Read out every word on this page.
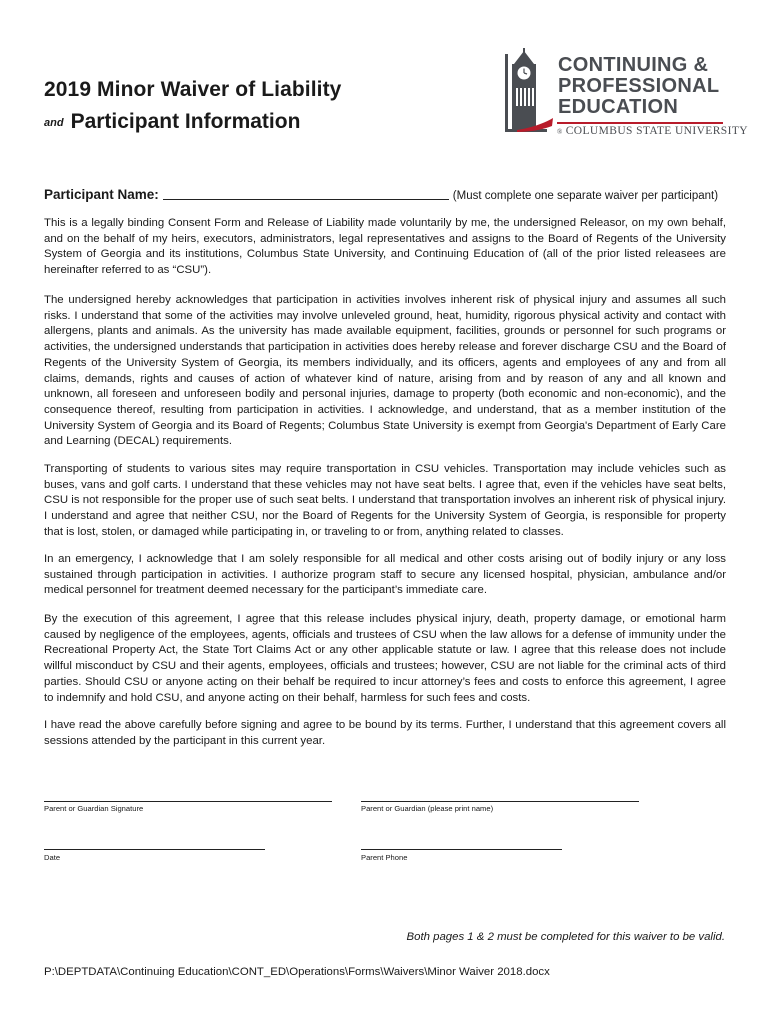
2019 Minor Waiver of Liability
and Participant Information
CONTINUING &
PROFESSIONAL
EDUCATION
® COLUMBUS STATE UNIVERSITY
Participant Name:	(Must complete one separate waiver per participant)

This is a legally binding Consent Form and Release of Liability made voluntarily by me, the undersigned Releasor, on my own behalf, and on the behalf of my heirs, executors, administrators, legal representatives and assigns to the Board of Regents of the University System of Georgia and its institutions, Columbus State University, and Continuing Education of (all of the prior listed releasees are hereinafter referred to as “CSU”).

The undersigned hereby acknowledges that participation in activities involves inherent risk of physical injury and assumes all such risks. I understand that some of the activities may involve unleveled ground, heat, humidity, rigorous physical activity and contact with allergens, plants and animals. As the university has made available equipment, facilities, grounds or personnel for such programs or activities, the undersigned understands that participation in activities does hereby release and forever discharge CSU and the Board of Regents of the University System of Georgia, its members individually, and its officers, agents and employees of any and from all claims, demands, rights and causes of action of whatever kind of nature, arising from and by reason of any and all known and unknown, all foreseen and unforeseen bodily and personal injuries, damage to property (both economic and non-economic), and the consequence thereof, resulting from participation in activities. I acknowledge, and understand, that as a member institution of the University System of Georgia and its Board of Regents; Columbus State University is exempt from Georgia's Department of Early Care and Learning (DECAL) requirements.

Transporting of students to various sites may require transportation in CSU vehicles. Transportation may include vehicles such as buses, vans and golf carts. I understand that these vehicles may not have seat belts. I agree that, even if the vehicles have seat belts, CSU is not responsible for the proper use of such seat belts. I understand that transportation involves an inherent risk of physical injury. I understand and agree that neither CSU, nor the Board of Regents for the University System of Georgia, is responsible for property that is lost, stolen, or damaged while participating in, or traveling to or from, anything related to classes.

In an emergency, I acknowledge that I am solely responsible for all medical and other costs arising out of bodily injury or any loss sustained through participation in activities. I authorize program staff to secure any licensed hospital, physician, ambulance and/or medical personnel for treatment deemed necessary for the participant’s immediate care.

By the execution of this agreement, I agree that this release includes physical injury, death, property damage, or emotional harm caused by negligence of the employees, agents, officials and trustees of CSU when the law allows for a defense of immunity under the Recreational Property Act, the State Tort Claims Act or any other applicable statute or law. I agree that this release does not include willful misconduct by CSU and their agents, employees, officials and trustees; however, CSU are not liable for the criminal acts of third parties. Should CSU or anyone acting on their behalf be required to incur attorney’s fees and costs to enforce this agreement, I agree to indemnify and hold CSU, and anyone acting on their behalf, harmless for such fees and costs.

I have read the above carefully before signing and agree to be bound by its terms. Further, I understand that this agreement covers all sessions attended by the participant in this current year.

Parent or Guardian Signature	Parent or Guardian (please print name)
Date	Parent Phone
Both pages 1 & 2 must be completed for this waiver to be valid.
P:\DEPTDATA\Continuing Education\CONT_ED\Operations\Forms\Waivers\Minor Waiver 2018.docx
